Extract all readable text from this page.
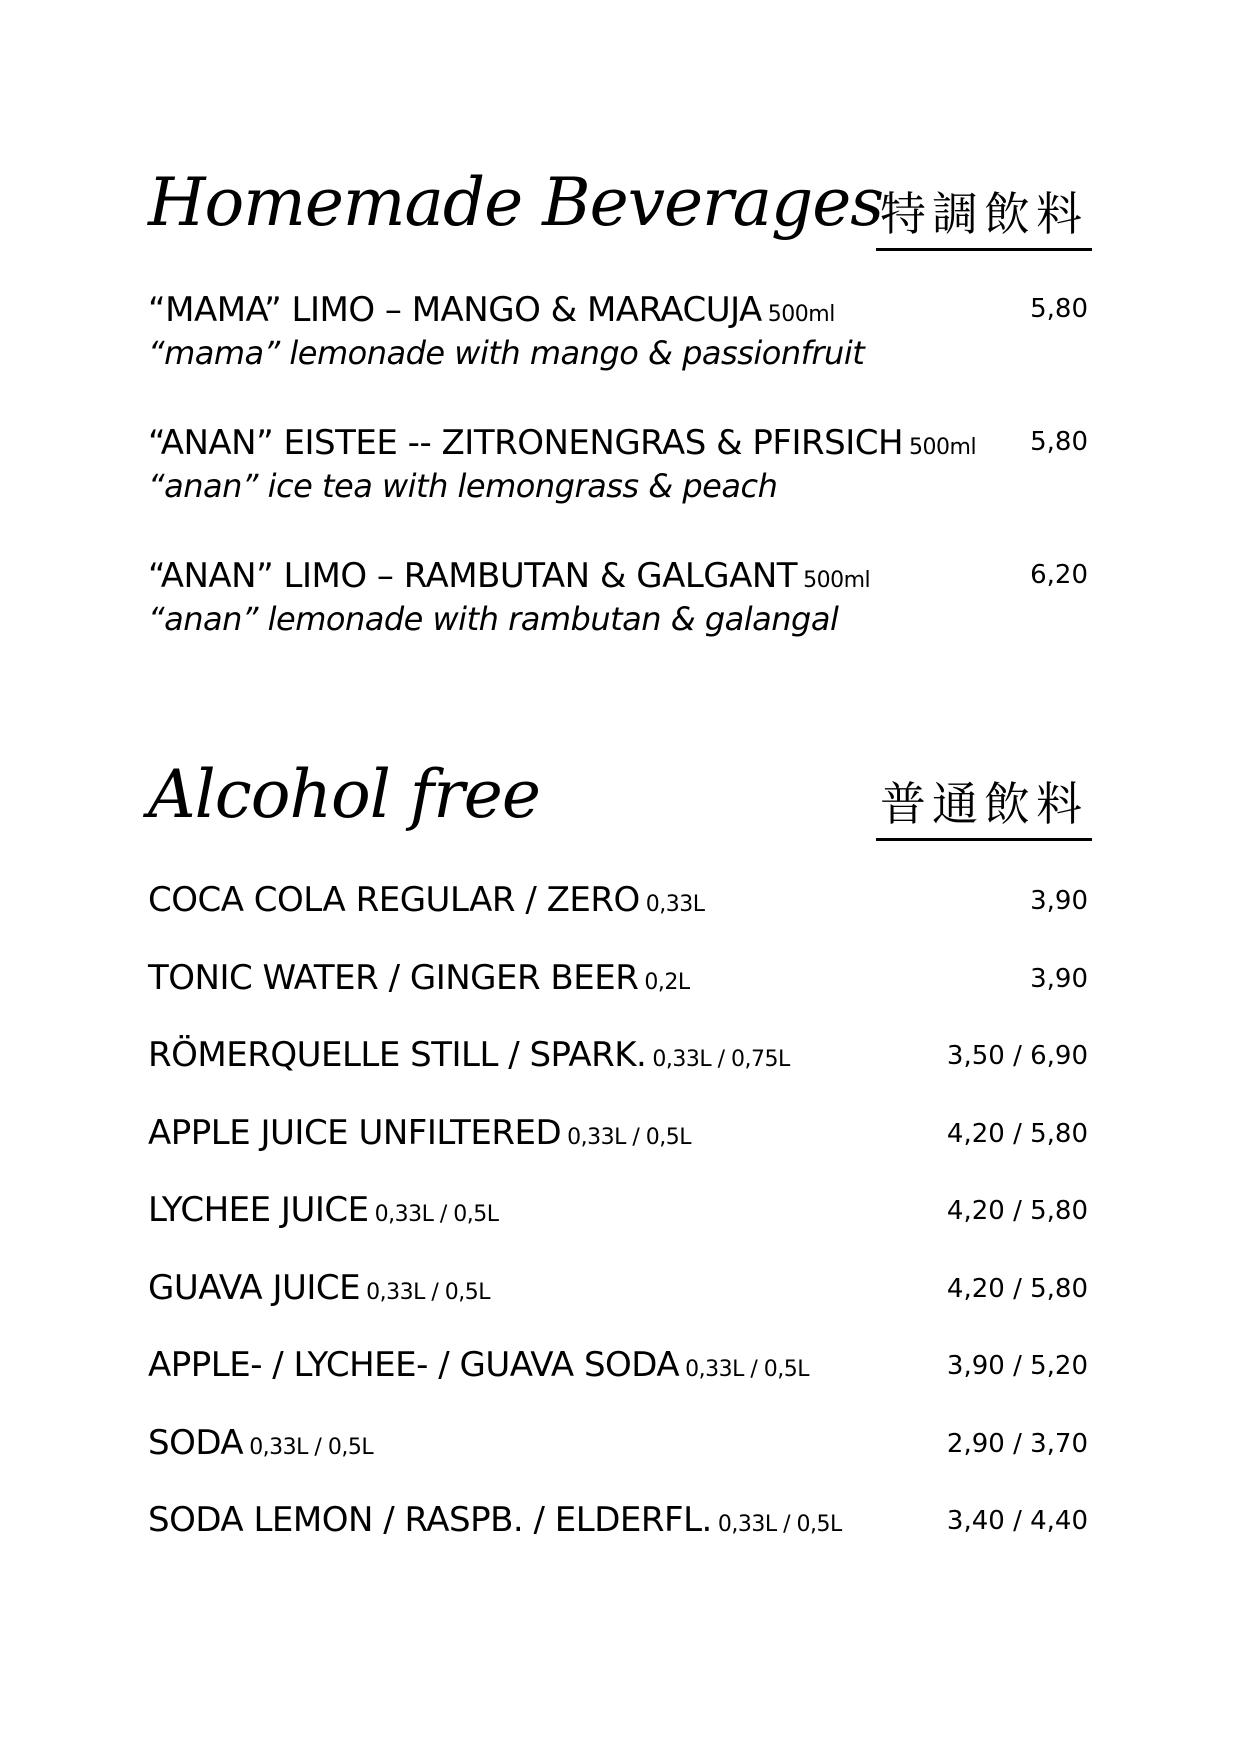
Homemade Beverages
特調飲料
“MAMA” LIMO – MANGO & MARACUJA 500ml
“mama” lemonade with mango & passionfruit
5,80
“ANAN” EISTEE -- ZITRONENGRAS & PFIRSICH 500ml
“anan” ice tea with lemongrass & peach
5,80
“ANAN” LIMO – RAMBUTAN & GALGANT 500ml
“anan” lemonade with rambutan & galangal
6,20
Alcohol free	普通飲料
COCA COLA REGULAR / ZERO 0,33L	3,90
TONIC WATER / GINGER BEER 0,2L	3,90
RÖMERQUELLE STILL / SPARK. 0,33L / 0,75L	3,50 / 6,90
APPLE JUICE UNFILTERED 0,33L / 0,5L	4,20 / 5,80
LYCHEE JUICE 0,33L / 0,5L	4,20 / 5,80
GUAVA JUICE 0,33L / 0,5L	4,20 / 5,80
APPLE- / LYCHEE- / GUAVA SODA 0,33L / 0,5L	3,90 / 5,20
SODA 0,33L / 0,5L	2,90 / 3,70
SODA LEMON / RASPB. / ELDERFL. 0,33L / 0,5L	3,40 / 4,40
